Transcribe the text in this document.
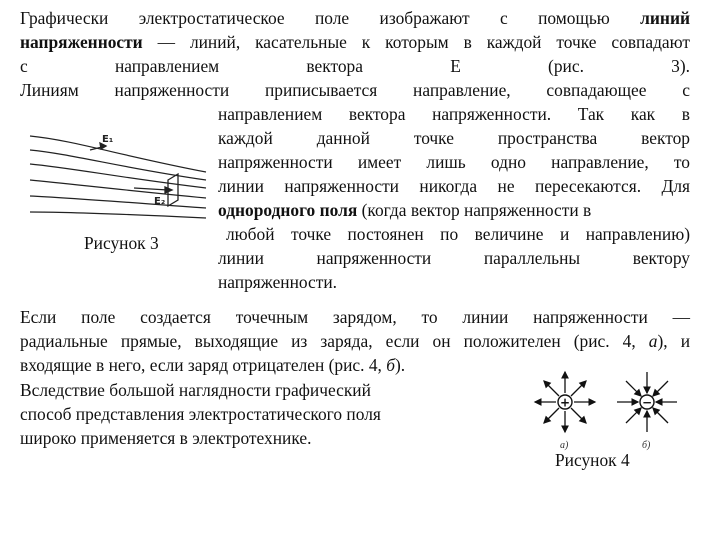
Графически электростатическое поле изображают с помощью линий
напряженности — линий, касательные к которым в каждой точке совпадают
с направлением вектора Е (рис. 3).
Линиям напряженности приписывается направление, совпадающее с
направлением вектора напряженности. Так как в
каждой данной точке пространства вектор
напряженности имеет лишь одно направление, то
линии напряженности никогда не пересекаются. Для
однородного поля (когда вектор напряженности в
любой точке постоянен по величине и направлению)
линии напряженности параллельны вектору
напряженности.
E₁
E₂
Рисунок 3
Если поле создается точечным зарядом, то линии напряженности —
радиальные прямые, выходящие из заряда, если он положителен (рис. 4, а), и
входящие в него, если заряд отрицателен (рис. 4, б).
Вследствие большой наглядности графический
способ представления электростатического поля
широко применяется в электротехнике.
+	−
а)	б)
Рисунок 4
